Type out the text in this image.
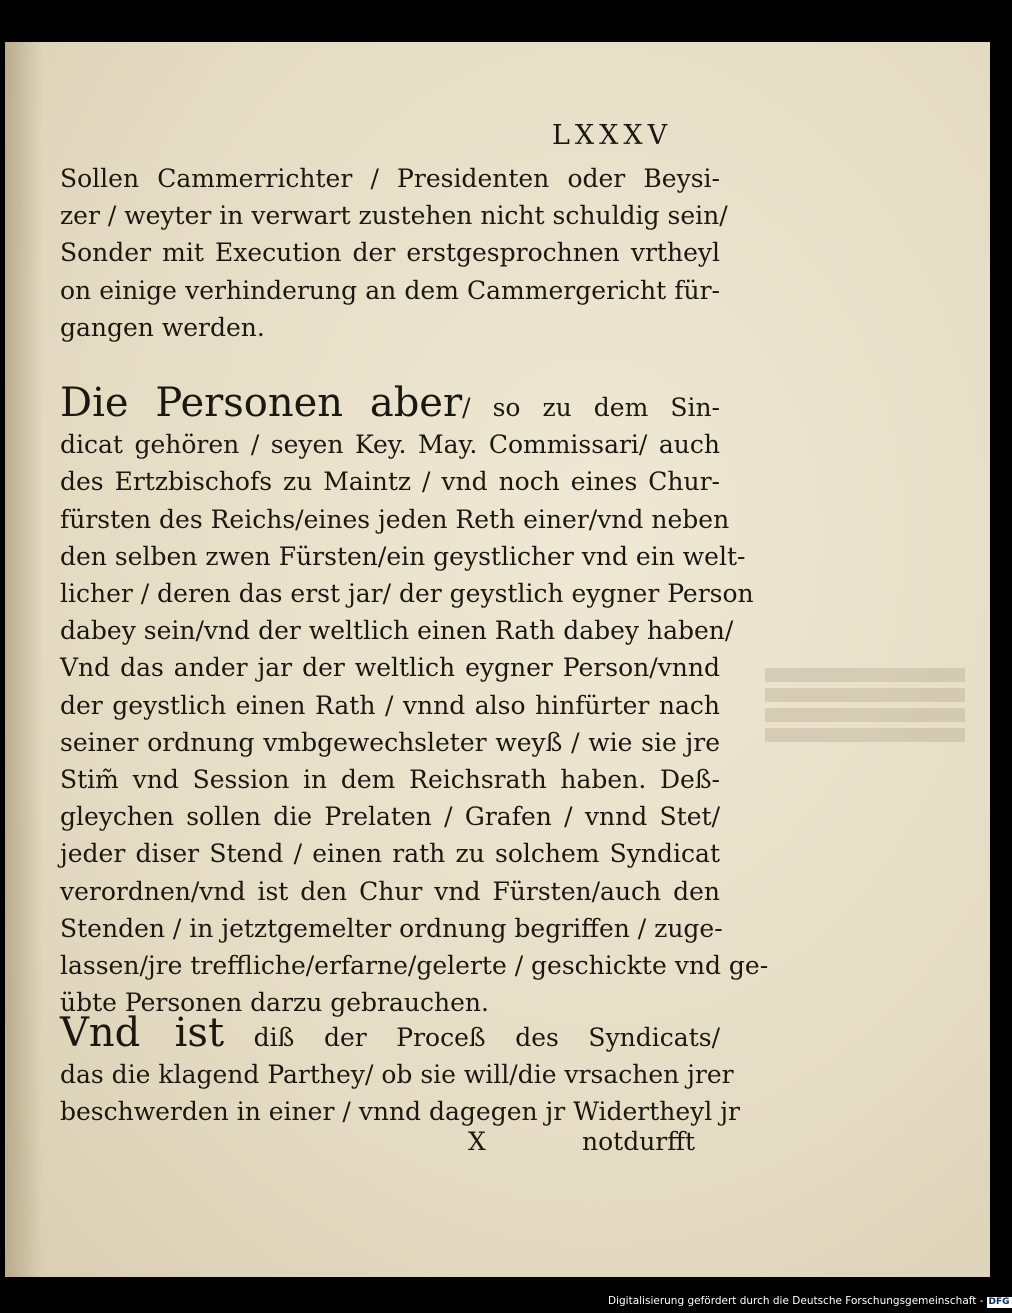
LXXXV
Sollen Cammerrichter / Presidenten oder Beysi-
zer / weyter in verwart zustehen nicht schuldig sein/
Sonder mit Execution der erstgesprochnen vrtheyl
on einige verhinderung an dem Cammergericht für-
gangen werden.
Die Personen aber/ so zu dem Sin-
dicat gehören / seyen Key. May. Commissari/ auch
des Ertzbischofs zu Maintz / vnd noch eines Chur-
fürsten des Reichs/eines jeden Reth einer/vnd neben
den selben zwen Fürsten/ein geystlicher vnd ein welt-
licher / deren das erst jar/ der geystlich eygner Person
dabey sein/vnd der weltlich einen Rath dabey haben/
Vnd das ander jar der weltlich eygner Person/vnnd
der geystlich einen Rath / vnnd also hinfürter nach
seiner ordnung vmbgewechsleter weyß / wie sie jre
Stim̃ vnd Session in dem Reichsrath haben. Deß-
gleychen sollen die Prelaten / Grafen / vnnd Stet/
jeder diser Stend / einen rath zu solchem Syndicat
verordnen/vnd ist den Chur vnd Fürsten/auch den
Stenden / in jetztgemelter ordnung begriffen / zuge-
lassen/jre treffliche/erfarne/gelerte / geschickte vnd ge-
übte Personen darzu gebrauchen.
Vnd ist diß der Proceß des Syndicats/
das die klagend Parthey/ ob sie will/die vrsachen jrer
beschwerden in einer / vnnd dagegen jr Widertheyl jr
X	notdurfft
Digitalisierung gefördert durch die Deutsche Forschungsgemeinschaft - DFG
